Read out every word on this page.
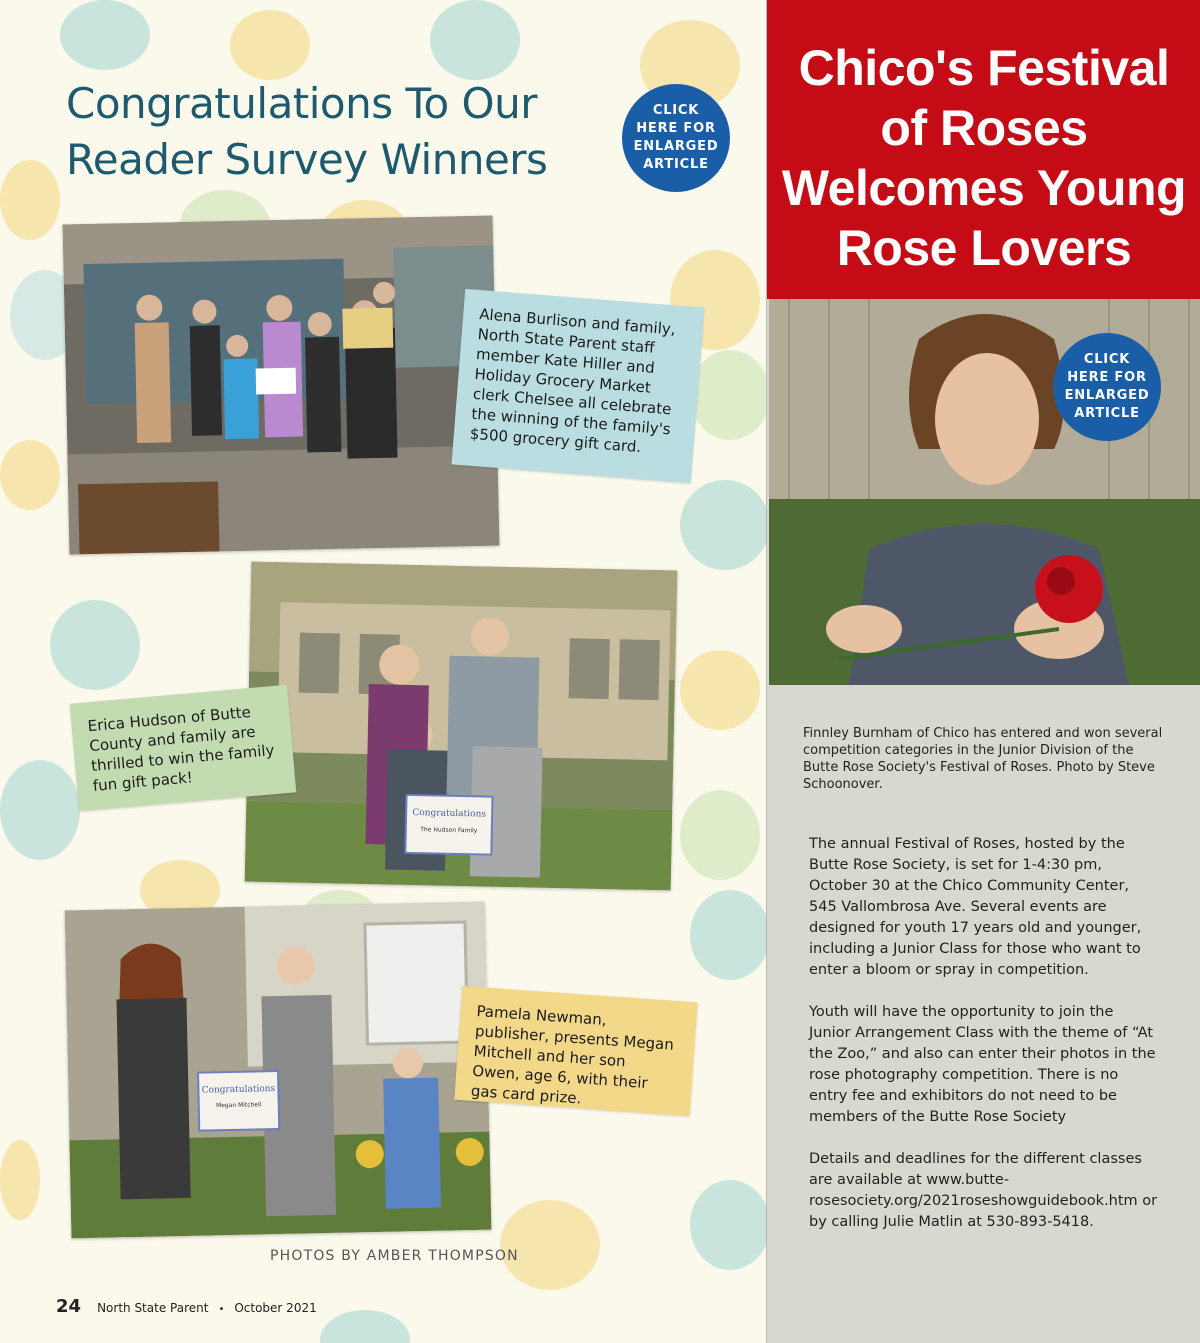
Congratulations To Our Reader Survey Winners
CLICK HERE FOR ENLARGED ARTICLE
Alena Burlison and family, North State Parent staff member Kate Hiller and Holiday Grocery Market clerk Chelsee all celebrate the winning of the family's $500 grocery gift card.
Congratulations
The Hudson Family
Erica Hudson of Butte County and family are thrilled to win the family fun gift pack!
Congratulations
Megan Mitchell
Pamela Newman, publisher, presents Megan Mitchell and her son Owen, age 6, with their gas card prize.
PHOTOS BY AMBER THOMPSON
24 North State Parent • October 2021
Chico's Festival of Roses Welcomes Young Rose Lovers
CLICK HERE FOR ENLARGED ARTICLE
Finnley Burnham of Chico has entered and won several competition categories in the Junior Division of the Butte Rose Society's Festival of Roses. Photo by Steve Schoonover.

The annual Festival of Roses, hosted by the Butte Rose Society, is set for 1-4:30 pm, October 30 at the Chico Community Center, 545 Vallombrosa Ave. Several events are designed for youth 17 years old and younger, including a Junior Class for those who want to enter a bloom or spray in competition.

Youth will have the opportunity to join the Junior Arrangement Class with the theme of “At the Zoo,” and also can enter their photos in the rose photography competition. There is no entry fee and exhibitors do not need to be members of the Butte Rose Society

Details and deadlines for the different classes are available at www.butte-rosesociety.org/2021roseshowguidebook.htm or by calling Julie Matlin at 530-893-5418.
